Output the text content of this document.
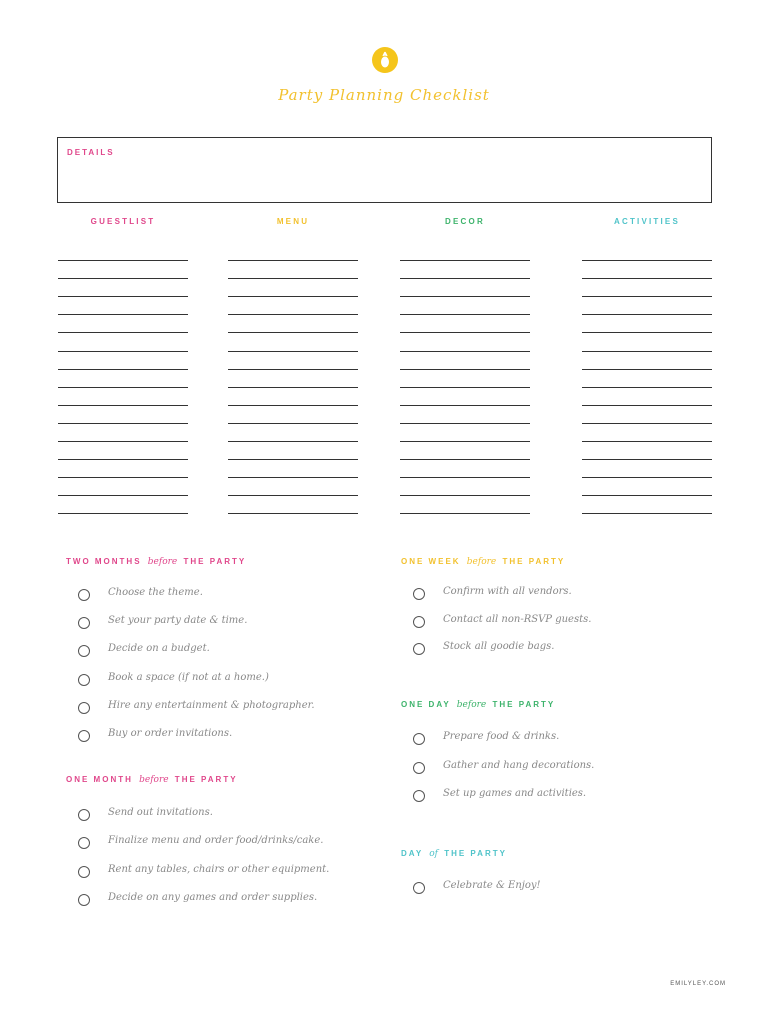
Party Planning Checklist
DETAILS
GUESTLIST	MENU	DECOR	ACTIVITIES
TWO MONTHS before THE PARTY
Choose the theme.
Set your party date & time.
Decide on a budget.
Book a space (if not at a home.)
Hire any entertainment & photographer.
Buy or order invitations.
ONE MONTH before THE PARTY
Send out invitations.
Finalize menu and order food/drinks/cake.
Rent any tables, chairs or other equipment.
Decide on any games and order supplies.
ONE WEEK before THE PARTY
Confirm with all vendors.
Contact all non-RSVP guests.
Stock all goodie bags.
ONE DAY before THE PARTY
Prepare food & drinks.
Gather and hang decorations.
Set up games and activities.
DAY of THE PARTY
Celebrate & Enjoy!
EMILYLEY.COM
